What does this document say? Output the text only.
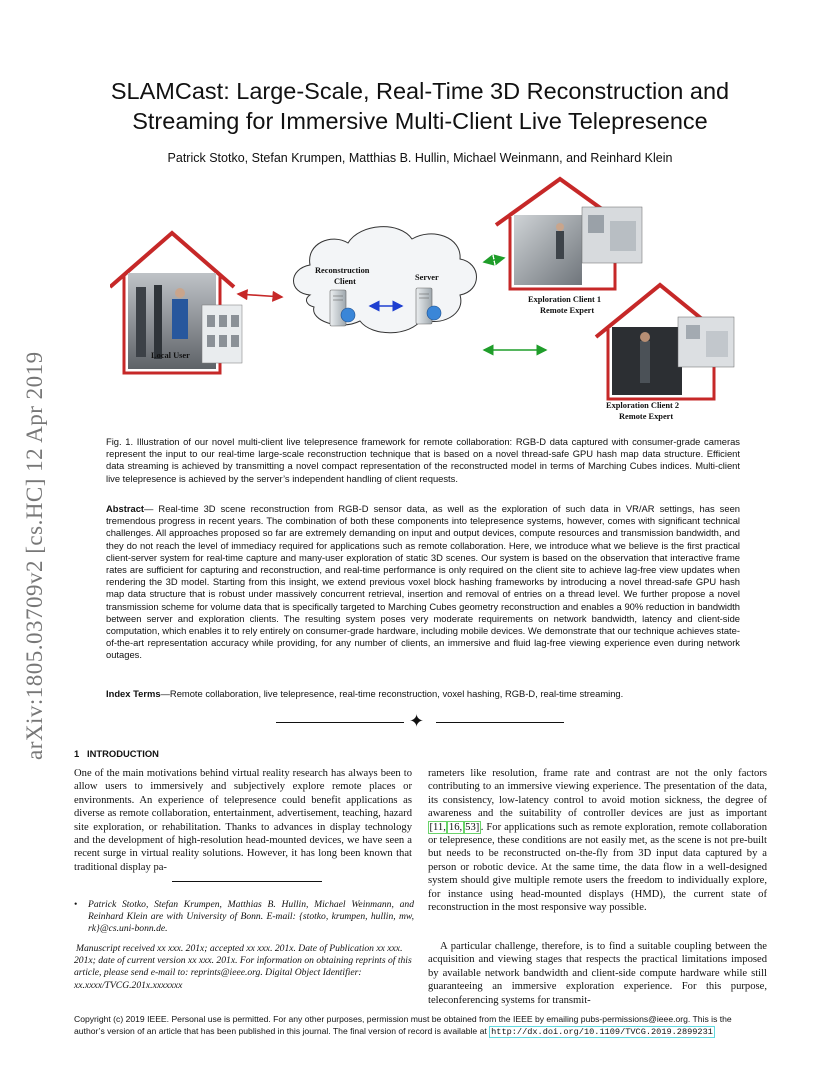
arXiv:1805.03709v2 [cs.HC] 12 Apr 2019
SLAMCast: Large-Scale, Real-Time 3D Reconstruction and
Streaming for Immersive Multi-Client Live Telepresence
Patrick Stotko, Stefan Krumpen, Matthias B. Hullin, Michael Weinmann, and Reinhard Klein
Local User
Reconstruction
Client	Server
Exploration Client 1
Remote Expert
Exploration Client 2
Remote Expert
Fig. 1. Illustration of our novel multi-client live telepresence framework for remote collaboration: RGB-D data captured with consumer-grade cameras represent the input to our real-time large-scale reconstruction technique that is based on a novel thread-safe GPU hash map data structure. Efficient data streaming is achieved by transmitting a novel compact representation of the reconstructed model in terms of Marching Cubes indices. Multi-client live telepresence is achieved by the server’s independent handling of client requests.
Abstract— Real-time 3D scene reconstruction from RGB-D sensor data, as well as the exploration of such data in VR/AR settings, has seen tremendous progress in recent years. The combination of both these components into telepresence systems, however, comes with significant technical challenges. All approaches proposed so far are extremely demanding on input and output devices, compute resources and transmission bandwidth, and they do not reach the level of immediacy required for applications such as remote collaboration. Here, we introduce what we believe is the first practical client-server system for real-time capture and many-user exploration of static 3D scenes. Our system is based on the observation that interactive frame rates are sufficient for capturing and reconstruction, and real-time performance is only required on the client site to achieve lag-free view updates when rendering the 3D model. Starting from this insight, we extend previous voxel block hashing frameworks by introducing a novel thread-safe GPU hash map data structure that is robust under massively concurrent retrieval, insertion and removal of entries on a thread level. We further propose a novel transmission scheme for volume data that is specifically targeted to Marching Cubes geometry reconstruction and enables a 90% reduction in bandwidth between server and exploration clients. The resulting system poses very moderate requirements on network bandwidth, latency and client-side computation, which enables it to rely entirely on consumer-grade hardware, including mobile devices. We demonstrate that our technique achieves state-of-the-art representation accuracy while providing, for any number of clients, an immersive and fluid lag-free viewing experience even during network outages.
Index Terms—Remote collaboration, live telepresence, real-time reconstruction, voxel hashing, RGB-D, real-time streaming.
✦
1 INTRODUCTION

One of the main motivations behind virtual reality research has always been to allow users to immersively and subjectively explore remote places or environments. An experience of telepresence could benefit applications as diverse as remote collaboration, entertainment, advertisement, teaching, hazard site exploration, or rehabilitation. Thanks to advances in display technology and the development of high-resolution head-mounted devices, we have seen a recent surge in virtual reality solutions. However, it has long been known that traditional display pa-

rameters like resolution, frame rate and contrast are not the only factors contributing to an immersive viewing experience. The presentation of the data, its consistency, low-latency control to avoid motion sickness, the degree of awareness and the suitability of controller devices are just as important [11, 16, 53] . For applications such as remote exploration, remote collaboration or telepresence, these conditions are not easily met, as the scene is not pre-built but needs to be reconstructed on-the-fly from 3D input data captured by a person or robotic device. At the same time, the data flow in a well-designed system should give multiple remote users the freedom to individually explore, for instance using head-mounted displays (HMD), the current state of reconstruction in the most responsive way possible.

A particular challenge, therefore, is to find a suitable coupling between the acquisition and viewing stages that respects the practical limitations imposed by available network bandwidth and client-side compute hardware while still guaranteeing an immersive exploration experience. For this purpose, teleconferencing systems for transmit-

• Patrick Stotko, Stefan Krumpen, Matthias B. Hullin, Michael Weinmann, and Reinhard Klein are with University of Bonn. E-mail: {stotko, krumpen, hullin, mw, rk}@cs.uni-bonn.de.
Manuscript received xx xxx. 201x; accepted xx xxx. 201x. Date of Publication xx xxx. 201x; date of current version xx xxx. 201x. For information on obtaining reprints of this article, please send e-mail to: reprints@ieee.org. Digital Object Identifier: xx.xxxx/TVCG.201x.xxxxxxx
Copyright (c) 2019 IEEE. Personal use is permitted. For any other purposes, permission must be obtained from the IEEE by emailing pubs-permissions@ieee.org. This is the author’s version of an article that has been published in this journal. The final version of record is available at http://dx.doi.org/10.1109/TVCG.2019.2899231
